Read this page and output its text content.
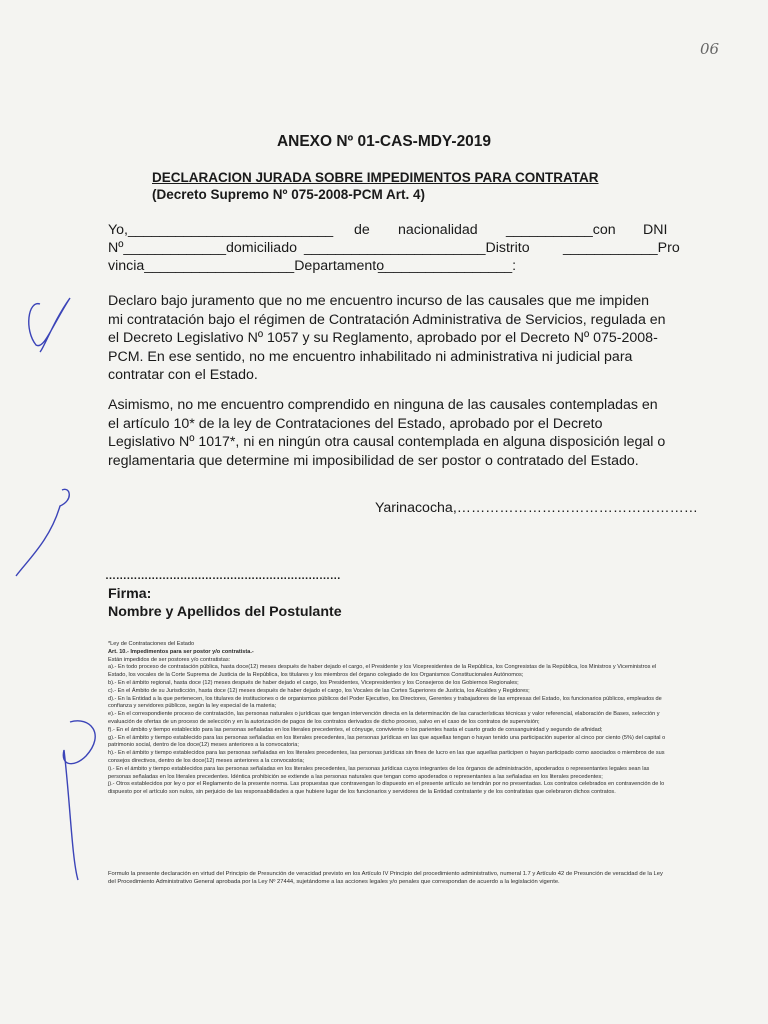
06
ANEXO Nº 01-CAS-MDY-2019
DECLARACION JURADA SOBRE IMPEDIMENTOS PARA CONTRATAR
(Decreto Supremo Nº 075-2008-PCM Art. 4)
Yo,__________________________ de nacionalidad ___________con DNI
Nº_____________domiciliado _______________________Distrito ____________Pro
vincia___________________Departamento
_________________:
Declaro bajo juramento que no me encuentro incurso de las causales que me impiden mi contratación bajo el régimen de Contratación Administrativa de Servicios, regulada en el Decreto Legislativo Nº 1057 y su Reglamento, aprobado por el Decreto Nº 075-2008-PCM. En ese sentido, no me encuentro inhabilitado ni administrativa ni judicial para contratar con el Estado.
Asimismo, no me encuentro comprendido en ninguna de las causales contempladas en el artículo 10* de la ley de Contrataciones del Estado, aprobado por el Decreto Legislativo Nº 1017*, ni en ningún otra causal contemplada en alguna disposición legal o reglamentaria que determine mi imposibilidad de ser postor o contratado del Estado.
Yarinacocha,……………………………………………
…………………………………………………………
Firma:
Nombre y Apellidos del Postulante
*Ley de Contrataciones del Estado
Art. 10.- Impedimentos para ser postor y/o contratista.-
Están impedidos de ser postores y/o contratistas:
a).- En todo proceso de contratación pública, hasta doce(12) meses después de haber dejado el cargo, el Presidente y los Vicepresidentes de la República, los Congresistas de la República, los Ministros y Viceministros el Estado, los vocales de la Corte Suprema de Justicia de la República, los titulares y los miembros del órgano colegiado de los Organismos Constitucionales Autónomos;
b).- En el ámbito regional, hasta doce (12) meses después de haber dejado el cargo, los Presidentes, Vicepresidentes y los Consejeros de los Gobiernos Regionales;
c).- En el Ámbito de su Jurisdicción, hasta doce (12) meses después de haber dejado el cargo, los Vocales de las Cortes Superiores de Justicia, los Alcaldes y Regidores;
d).- En la Entidad a la que pertenecen, los titulares de instituciones o de organismos públicos del Poder Ejecutivo, los Directores, Gerentes y trabajadores de las empresas del Estado, los funcionarios públicos, empleados de confianza y servidores públicos, según la ley especial de la materia;
e).- En el correspondiente proceso de contratación, las personas naturales o jurídicas que tengan intervención directa en la determinación de las características técnicas y valor referencial, elaboración de Bases, selección y evaluación de ofertas de un proceso de selección y en la autorización de pagos de los contratos derivados de dicho proceso, salvo en el caso de los contratos de supervisión;
f).- En el ámbito y tiempo establecido para las personas señaladas en los literales precedentes, el cónyuge, conviviente o los parientes hasta el cuarto grado de consanguinidad y segundo de afinidad;
g).- En el ámbito y tiempo establecido para las personas señaladas en los literales precedentes, las personas jurídicas en las que aquellas tengan o hayan tenido una participación superior al cinco por ciento (5%) del capital o patrimonio social, dentro de los doce(12) meses anteriores a la convocatoria;
h).- En el ámbito y tiempo establecidos para las personas señaladas en los literales precedentes, las personas jurídicas sin fines de lucro en las que aquellas participen o hayan participado como asociados o miembros de sus consejos directivos, dentro de los doce(12) meses anteriores a la convocatoria;
i).- En el ámbito y tiempo establecidos para las personas señaladas en los literales precedentes, las personas jurídicas cuyos integrantes de los órganos de administración, apoderados o representantes legales sean las personas señaladas en los literales precedentes. Idéntica prohibición se extiende a las personas naturales que tengan como apoderados o representantes a las señaladas en los literales precedentes;
j).- Otros establecidos por ley o por el Reglamento de la presente norma. Las propuestas que contravengan lo dispuesto en el presente artículo se tendrán por no presentadas. Los contratos celebrados en contravención de lo dispuesto por el artículo son nulos, sin perjuicio de las responsabilidades a que hubiere lugar de los funcionarios y servidores de la Entidad contratante y de los contratistas que celebraron dichos contratos.
Formulo la presente declaración en virtud del Principio de Presunción de veracidad previsto en los Artículo IV Principio del procedimiento administrativo, numeral 1.7 y Artículo 42 de Presunción de veracidad de la Ley del Procedimiento Administrativo General aprobada por la Ley Nº 27444, sujetándome a las acciones legales y/o penales que correspondan de acuerdo a la legislación vigente.
